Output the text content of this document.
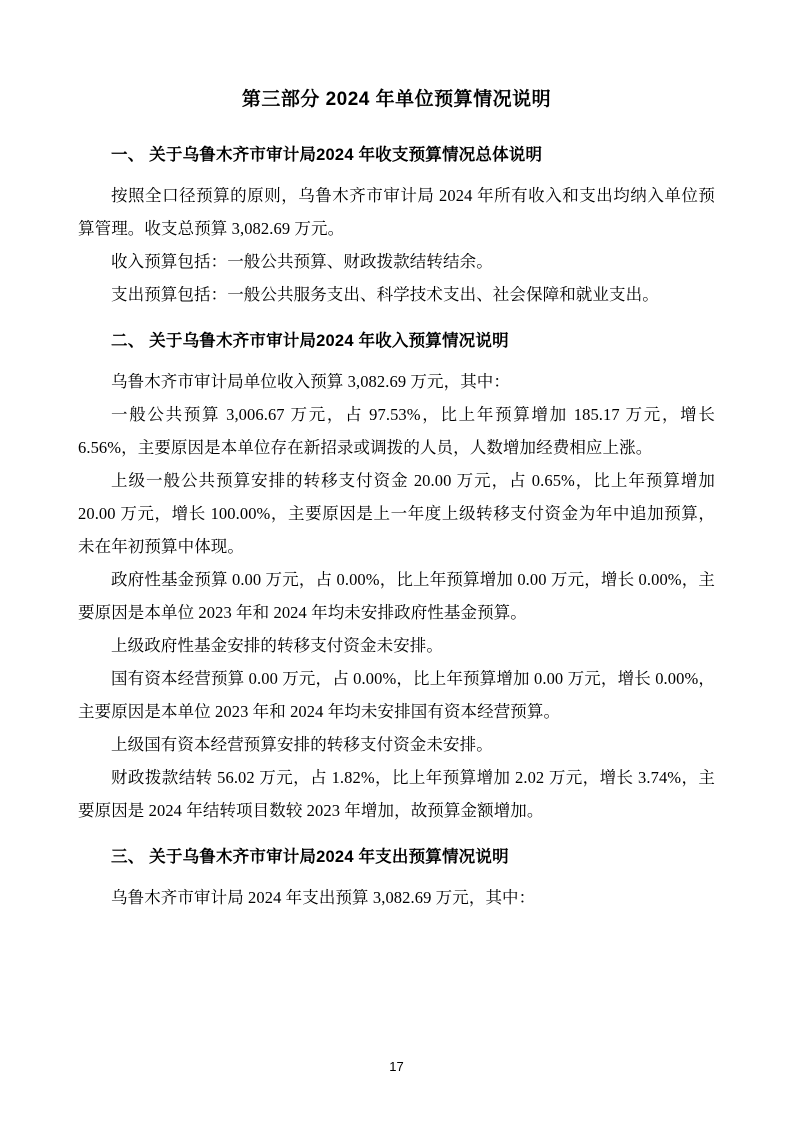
第三部分 2024 年单位预算情况说明
一、 关于乌鲁木齐市审计局2024 年收支预算情况总体说明

按照全口径预算的原则，乌鲁木齐市审计局 2024 年所有收入和支出均纳入单位预算管理。收支总预算 3,082.69 万元。

收入预算包括：一般公共预算、财政拨款结转结余。

支出预算包括：一般公共服务支出、科学技术支出、社会保障和就业支出。

二、 关于乌鲁木齐市审计局2024 年收入预算情况说明

乌鲁木齐市审计局单位收入预算 3,082.69 万元，其中：

一般公共预算 3,006.67 万元，占 97.53%，比上年预算增加 185.17 万元，增长 6.56%，主要原因是本单位存在新招录或调拨的人员，人数增加经费相应上涨。

上级一般公共预算安排的转移支付资金 20.00 万元，占 0.65%，比上年预算增加 20.00 万元，增长 100.00%，主要原因是上一年度上级转移支付资金为年中追加预算，未在年初预算中体现。

政府性基金预算 0.00 万元，占 0.00%，比上年预算增加 0.00 万元，增长 0.00%，主要原因是本单位 2023 年和 2024 年均未安排政府性基金预算。

上级政府性基金安排的转移支付资金未安排。

国有资本经营预算 0.00 万元，占 0.00%，比上年预算增加 0.00 万元，增长 0.00%，主要原因是本单位 2023 年和 2024 年均未安排国有资本经营预算。

上级国有资本经营预算安排的转移支付资金未安排。

财政拨款结转 56.02 万元，占 1.82%，比上年预算增加 2.02 万元，增长 3.74%，主要原因是 2024 年结转项目数较 2023 年增加，故预算金额增加。

三、 关于乌鲁木齐市审计局2024 年支出预算情况说明

乌鲁木齐市审计局 2024 年支出预算 3,082.69 万元，其中：

17
